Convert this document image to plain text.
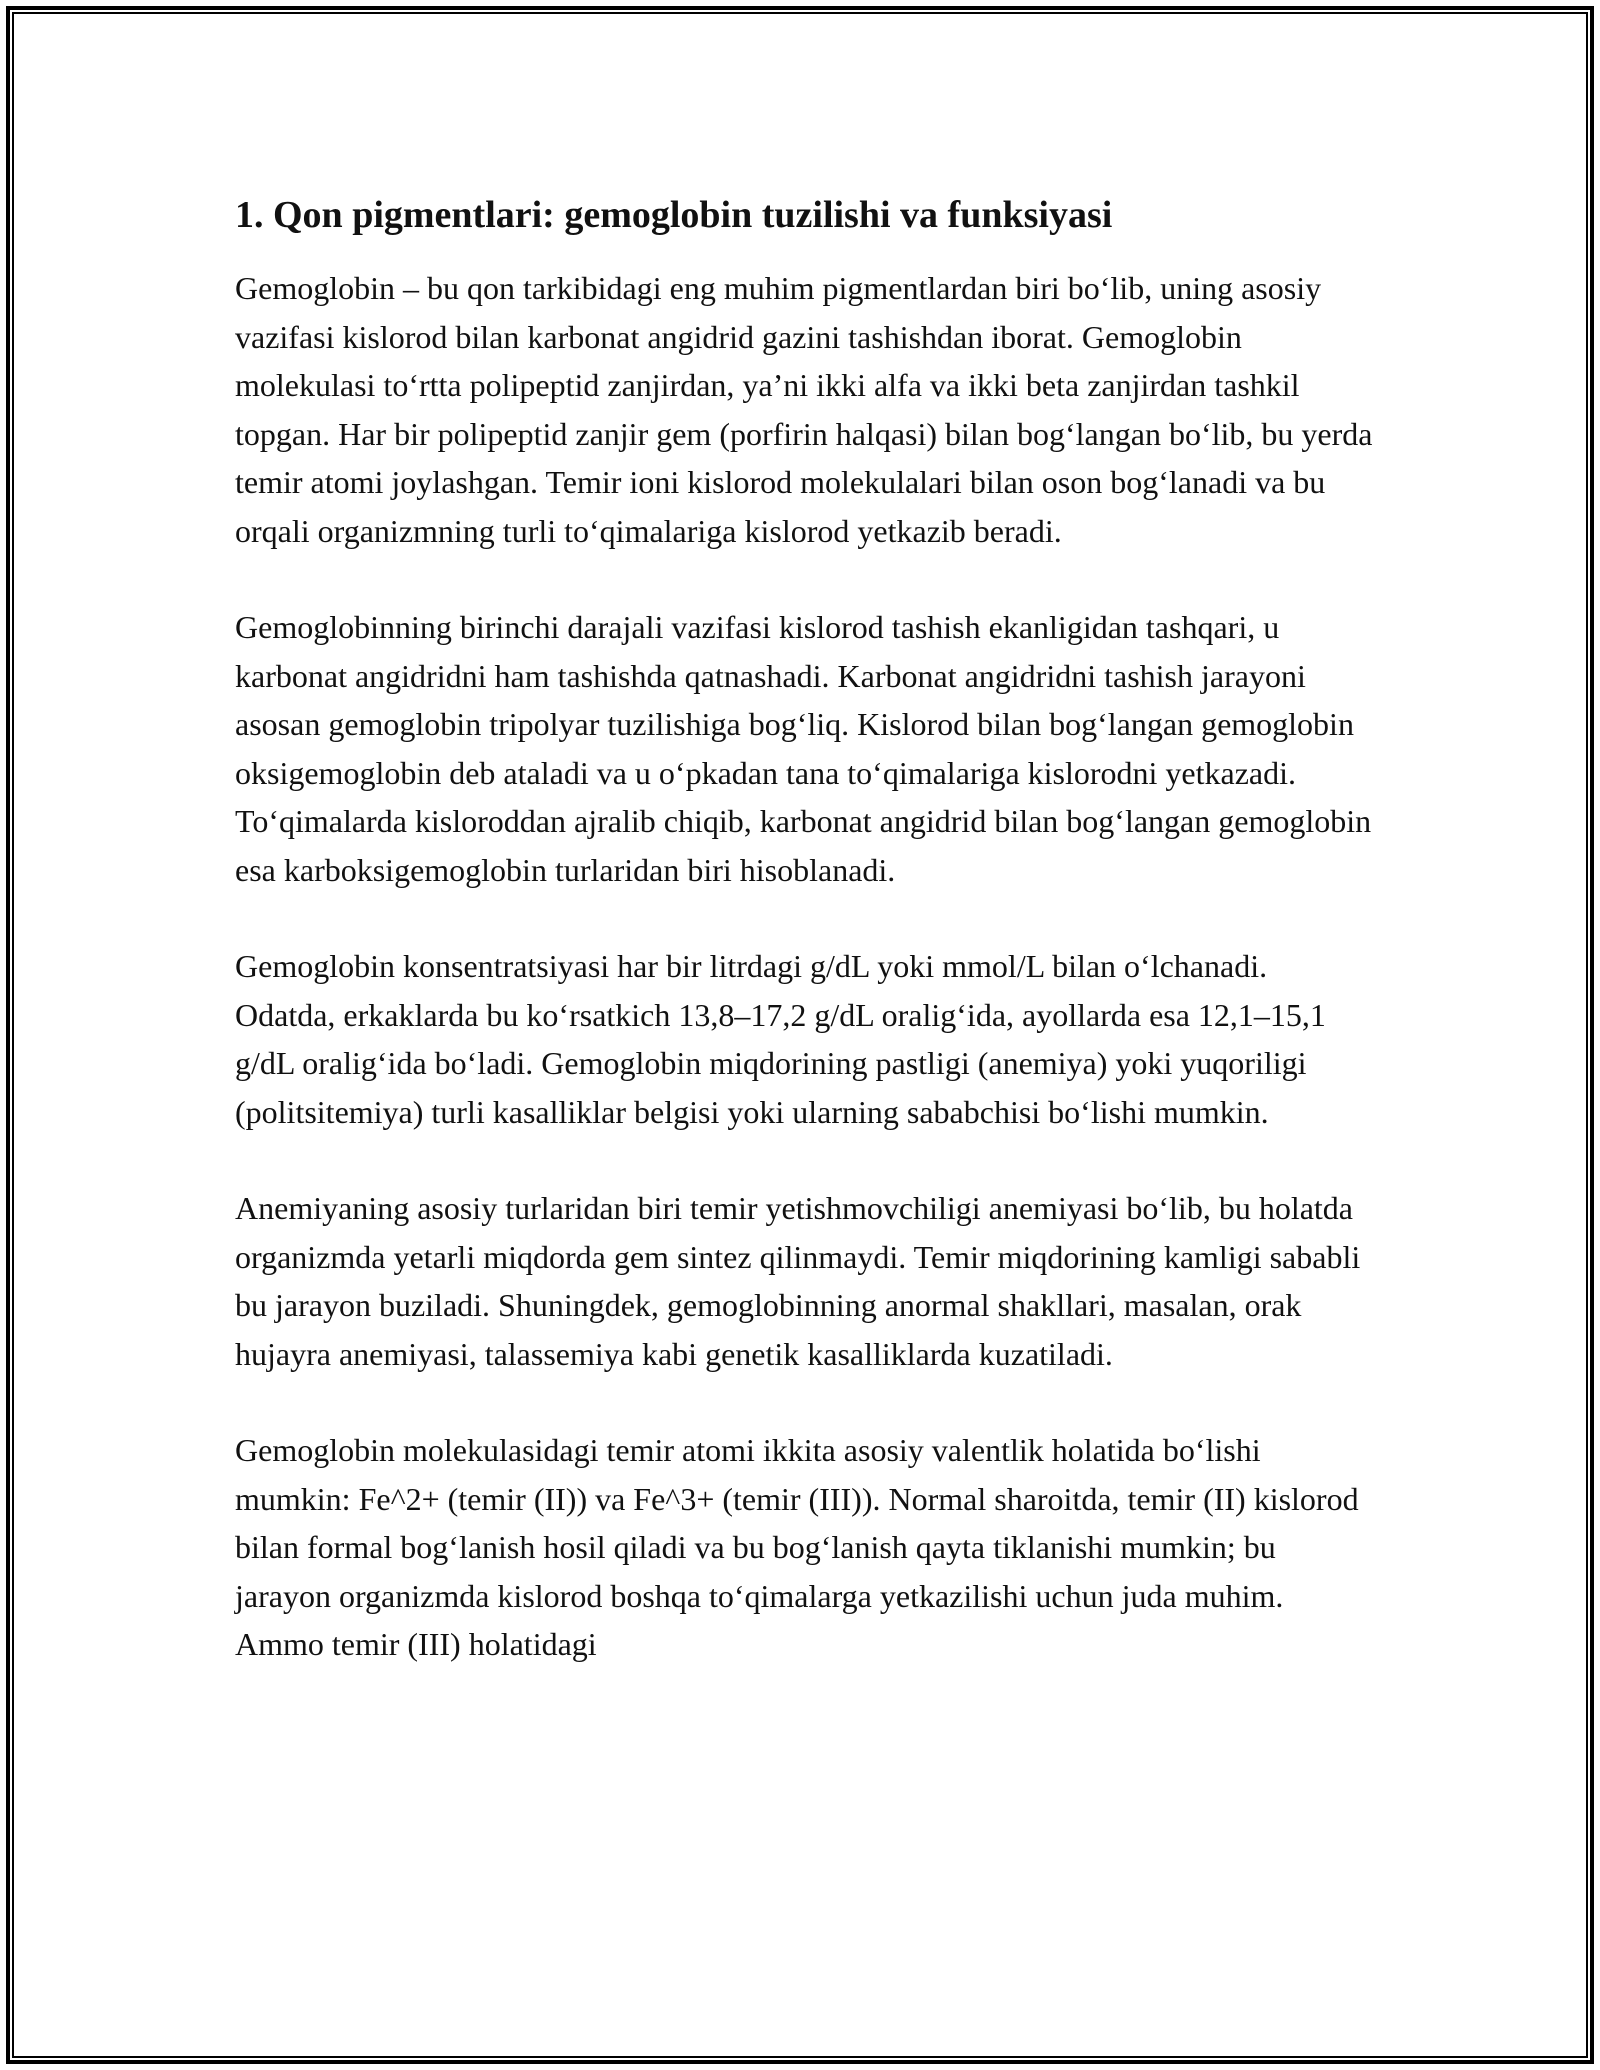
1. Qon pigmentlari: gemoglobin tuzilishi va funksiyasi

Gemoglobin – bu qon tarkibidagi eng muhim pigmentlardan biri bo‘lib, uning asosiy vazifasi kislorod bilan karbonat angidrid gazini tashishdan iborat. Gemoglobin molekulasi to‘rtta polipeptid zanjirdan, ya’ni ikki alfa va ikki beta zanjirdan tashkil topgan. Har bir polipeptid zanjir gem (porfirin halqasi) bilan bog‘langan bo‘lib, bu yerda temir atomi joylashgan. Temir ioni kislorod molekulalari bilan oson bog‘lanadi va bu orqali organizmning turli to‘qimalariga kislorod yetkazib beradi.

Gemoglobinning birinchi darajali vazifasi kislorod tashish ekanligidan tashqari, u karbonat angidridni ham tashishda qatnashadi. Karbonat angidridni tashish jarayoni asosan gemoglobin tripolyar tuzilishiga bog‘liq. Kislorod bilan bog‘langan gemoglobin oksigemoglobin deb ataladi va u o‘pkadan tana to‘qimalariga kislorodni yetkazadi. To‘qimalarda kisloroddan ajralib chiqib, karbonat angidrid bilan bog‘langan gemoglobin esa karboksigemoglobin turlaridan biri hisoblanadi.

Gemoglobin konsentratsiyasi har bir litrdagi g/dL yoki mmol/L bilan o‘lchanadi. Odatda, erkaklarda bu ko‘rsatkich 13,8–17,2 g/dL oralig‘ida, ayollarda esa 12,1–15,1 g/dL oralig‘ida bo‘ladi. Gemoglobin miqdorining pastligi (anemiya) yoki yuqoriligi (politsitemiya) turli kasalliklar belgisi yoki ularning sababchisi bo‘lishi mumkin.

Anemiyaning asosiy turlaridan biri temir yetishmovchiligi anemiyasi bo‘lib, bu holatda organizmda yetarli miqdorda gem sintez qilinmaydi. Temir miqdorining kamligi sababli bu jarayon buziladi. Shuningdek, gemoglobinning anormal shakllari, masalan, orak hujayra anemiyasi, talassemiya kabi genetik kasalliklarda kuzatiladi.

Gemoglobin molekulasidagi temir atomi ikkita asosiy valentlik holatida bo‘lishi mumkin: Fe^2+ (temir (II)) va Fe^3+ (temir (III)). Normal sharoitda, temir (II) kislorod bilan formal bog‘lanish hosil qiladi va bu bog‘lanish qayta tiklanishi mumkin; bu jarayon organizmda kislorod boshqa to‘qimalarga yetkazilishi uchun juda muhim. Ammo temir (III) holatidagi
